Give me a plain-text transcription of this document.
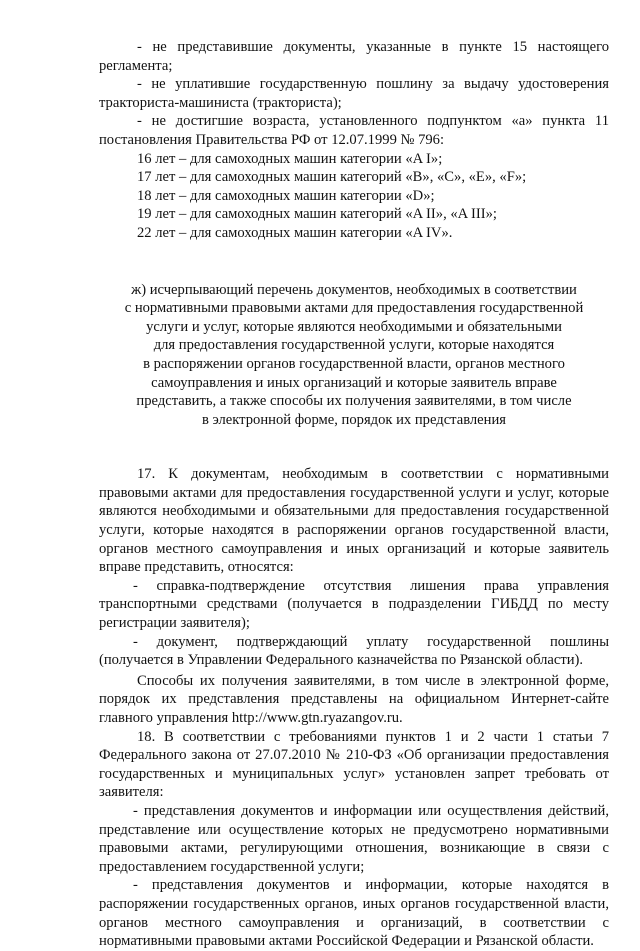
- не представившие документы, указанные в пункте 15 настоящего регламента;

- не уплатившие государственную пошлину за выдачу удостоверения тракториста-машиниста (тракториста);

- не достигшие возраста, установленного подпунктом «а» пункта 11 постановления Правительства РФ от 12.07.1999 № 796:

16 лет – для самоходных машин категории «A I»;

17 лет – для самоходных машин категорий «B», «C», «E», «F»;

18 лет – для самоходных машин категории «D»;

19 лет – для самоходных машин категорий «A II», «A III»;

22 лет – для самоходных машин категории «A IV».

ж) исчерпывающий перечень документов, необходимых в соответствии
с нормативными правовыми актами для предоставления государственной
услуги и услуг, которые являются необходимыми и обязательными
для предоставления государственной услуги, которые находятся
в распоряжении органов государственной власти, органов местного
самоуправления и иных организаций и которые заявитель вправе
представить, а также способы их получения заявителями, в том числе
в электронной форме, порядок их представления

17. К документам, необходимым в соответствии с нормативными правовыми актами для предоставления государственной услуги и услуг, которые являются необходимыми и обязательными для предоставления государственной услуги, которые находятся в распоряжении органов государственной власти, органов местного самоуправления и иных организаций и которые заявитель вправе представить, относятся:

- справка-подтверждение отсутствия лишения права управления транспортными средствами (получается в подразделении ГИБДД по месту регистрации заявителя);

- документ, подтверждающий уплату государственной пошлины (получается в Управлении Федерального казначейства по Рязанской области).

Способы их получения заявителями, в том числе в электронной форме, порядок их представления представлены на официальном Интернет-сайте главного управления http://www.gtn.ryazangov.ru.

18. В соответствии с требованиями пунктов 1 и 2 части 1 статьи 7 Федерального закона от 27.07.2010 № 210-ФЗ «Об организации предоставления государственных и муниципальных услуг» установлен запрет требовать от заявителя:

- представления документов и информации или осуществления действий, представление или осуществление которых не предусмотрено нормативными правовыми актами, регулирующими отношения, возникающие в связи с предоставлением государственной услуги;

- представления документов и информации, которые находятся в распоряжении государственных органов, иных органов государственной власти, органов местного самоуправления и организаций, в соответствии с нормативными правовыми актами Российской Федерации и Рязанской области.
